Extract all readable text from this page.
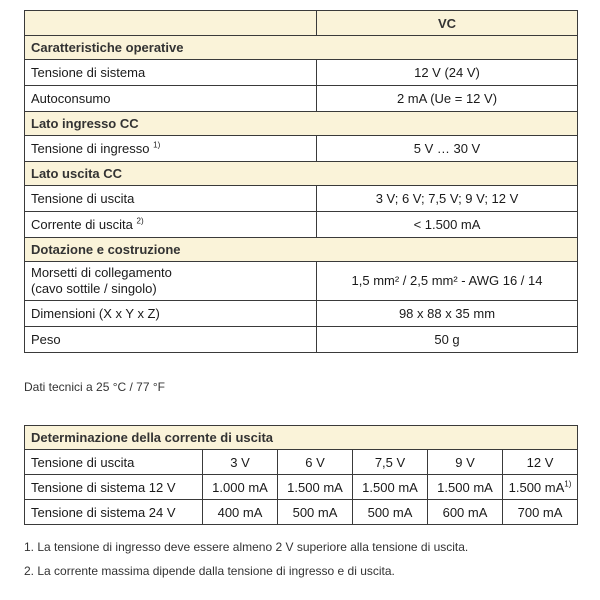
	VC
Caratteristiche operative	
Tensione di sistema	12 V (24 V)
Autoconsumo	2 mA (Ue = 12 V)
Lato ingresso CC	
Tensione di ingresso $^{1)}$	5 V … 30 V
Lato uscita CC	
Tensione di uscita	3 V; 6 V; 7,5 V; 9 V; 12 V
Corrente di uscita $^{2)}$	< 1.500 mA
Dotazione e costruzione	

Morsetti di collegamento
(cavo sottile / singolo)	1,5 mm² / 2,5 mm² - AWG 16 / 14
Dimensioni (X x Y x Z)	98 x 88 x 35 mm
Peso	50 g
Dati tecnici a 25 °C / 77 °F
Determinazione della corrente di uscita					
Tensione di uscita	3 V	6 V	7,5 V	9 V	12 V
Tensione di sistema 12 V	1.000 mA	1.500 mA	1.500 mA	1.500 mA	1.500 $mA^{1)}$
Tensione di sistema 24 V	400 mA	500 mA	500 mA	600 mA	700 mA
1. La tensione di ingresso deve essere almeno 2 V superiore alla tensione di uscita.
2. La corrente massima dipende dalla tensione di ingresso e di uscita.
